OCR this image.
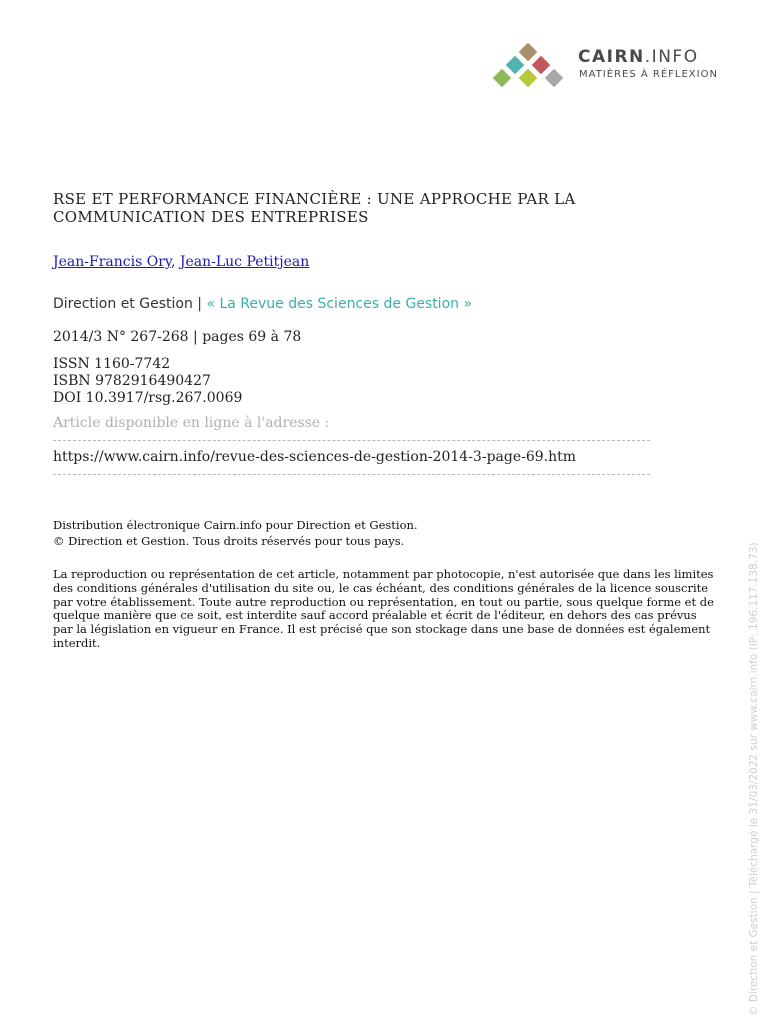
CAIRN.INFO
MATIÈRES À RÉFLEXION
RSE ET PERFORMANCE FINANCIÈRE : UNE APPROCHE PAR LA COMMUNICATION DES ENTREPRISES
Jean-Francis Ory, Jean-Luc Petitjean
Direction et Gestion | « La Revue des Sciences de Gestion »
2014/3 N° 267-268 | pages 69 à 78
ISSN 1160-7742
ISBN 9782916490427
DOI 10.3917/rsg.267.0069
Article disponible en ligne à l'adresse :
https://www.cairn.info/revue-des-sciences-de-gestion-2014-3-page-69.htm
Distribution électronique Cairn.info pour Direction et Gestion.
© Direction et Gestion. Tous droits réservés pour tous pays.

La reproduction ou représentation de cet article, notamment par photocopie, n'est autorisée que dans les limites des conditions générales d'utilisation du site ou, le cas échéant, des conditions générales de la licence souscrite par votre établissement. Toute autre reproduction ou représentation, en tout ou partie, sous quelque forme et de quelque manière que ce soit, est interdite sauf accord préalable et écrit de l'éditeur, en dehors des cas prévus par la législation en vigueur en France. Il est précisé que son stockage dans une base de données est également interdit.	© Direction et Gestion | Téléchargé le 31/03/2022 sur www.cairn.info (IP: 196.117.138.73)
